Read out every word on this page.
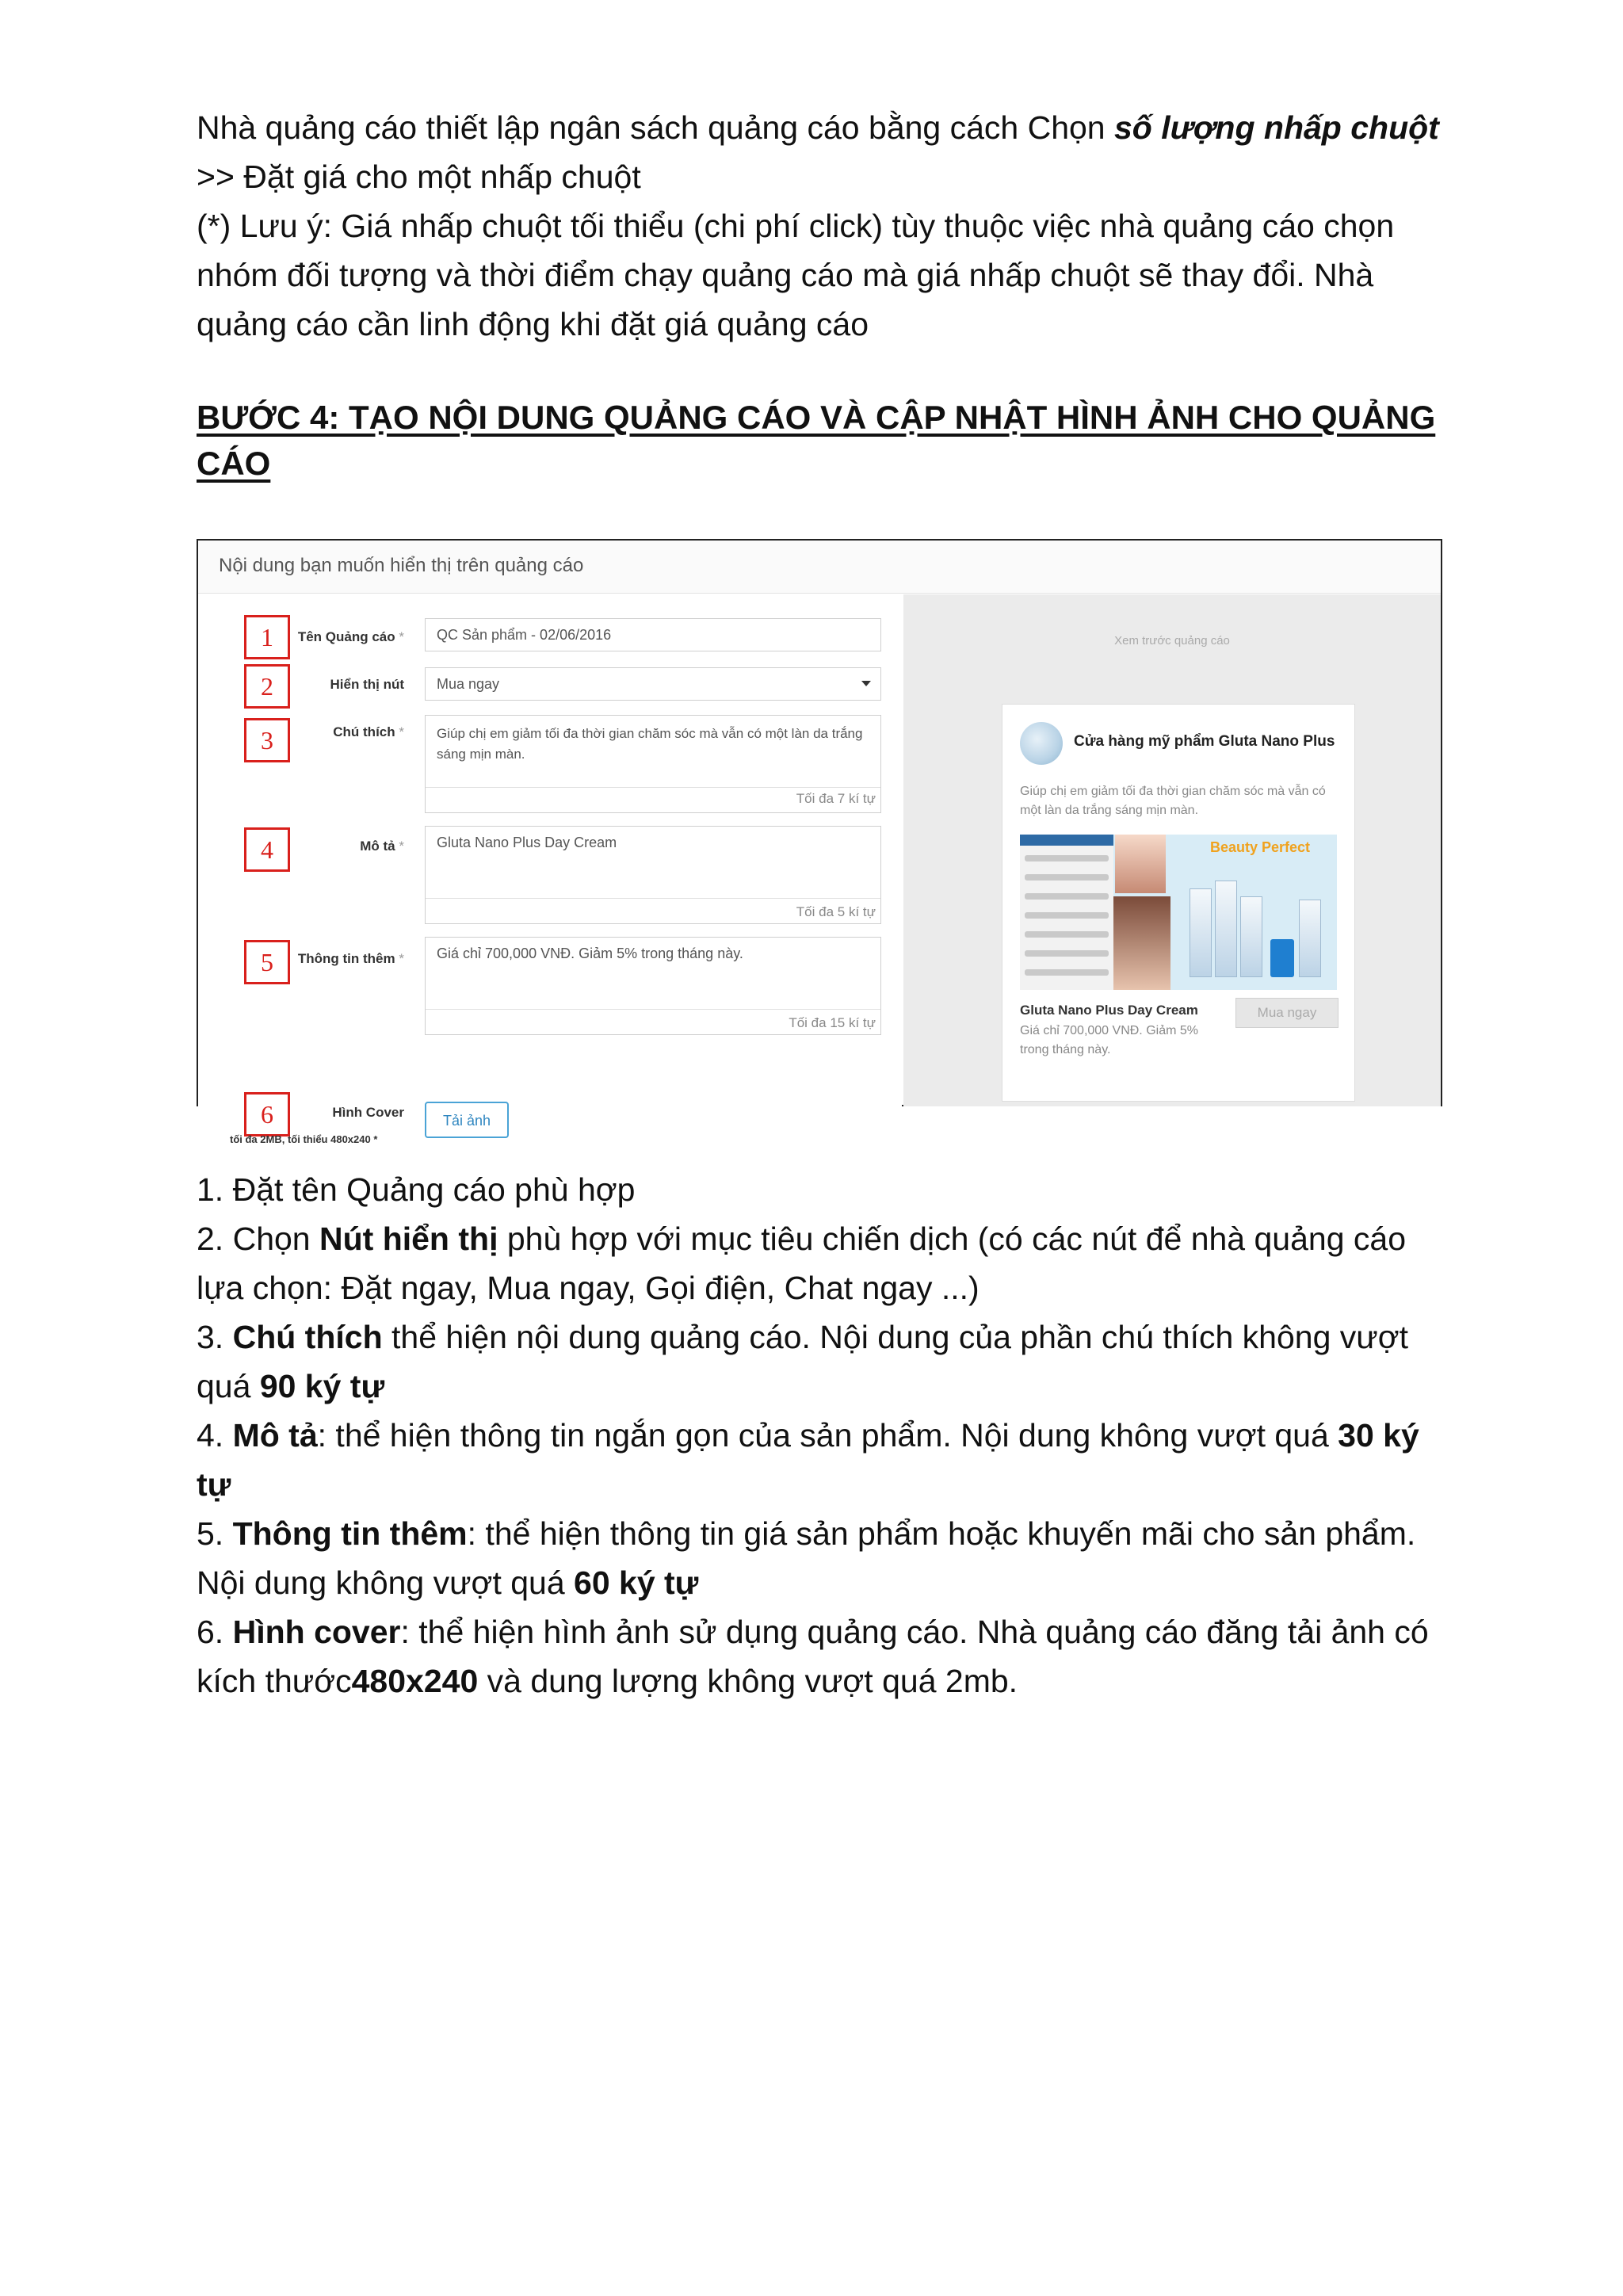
Nhà quảng cáo thiết lập ngân sách quảng cáo bằng cách Chọn số lượng nhấp chuột >> Đặt giá cho một nhấp chuột

(*) Lưu ý: Giá nhấp chuột tối thiểu (chi phí click) tùy thuộc việc nhà quảng cáo chọn nhóm đối tượng và thời điểm chạy quảng cáo mà giá nhấp chuột sẽ thay đổi. Nhà quảng cáo cần linh động khi đặt giá quảng cáo

BƯỚC 4: TẠO NỘI DUNG QUẢNG CÁO VÀ CẬP NHẬT HÌNH ẢNH CHO QUẢNG CÁO
Nội dung bạn muốn hiển thị trên quảng cáo
1	Tên Quảng cáo *	QC Sản phẩm - 02/06/2016
2	Hiển thị nút	Mua ngay
3	Chú thích *	Giúp chị em giảm tối đa thời gian chăm sóc mà vẫn có một làn da trắng sáng mịn màn.
Tối đa 7 kí tự
4	Mô tả *	Gluta Nano Plus Day Cream
Tối đa 5 kí tự
5	Thông tin thêm *	Giá chỉ 700,000 VNĐ. Giảm 5% trong tháng này.
Tối đa 15 kí tự
6	Hình Cover
tối đa 2MB, tối thiểu 480x240 *
Tải ảnh
Xem trước quảng cáo
Cửa hàng mỹ phẩm Gluta Nano Plus
Giúp chị em giảm tối đa thời gian chăm sóc mà vẫn có một làn da trắng sáng mịn màn.
Beauty Perfect
Gluta Nano Plus Day Cream
Giá chỉ 700,000 VNĐ. Giảm 5% trong tháng này.
Mua ngay

1. Đặt tên Quảng cáo phù hợp

2. Chọn Nút hiển thị phù hợp với mục tiêu chiến dịch (có các nút để nhà quảng cáo lựa chọn: Đặt ngay, Mua ngay, Gọi điện, Chat ngay ...)

3. Chú thích thể hiện nội dung quảng cáo. Nội dung của phần chú thích không vượt quá 90 ký tự

4. Mô tả: thể hiện thông tin ngắn gọn của sản phẩm. Nội dung không vượt quá 30 ký tự

5. Thông tin thêm: thể hiện thông tin giá sản phẩm hoặc khuyến mãi cho sản phẩm. Nội dung không vượt quá 60 ký tự

6. Hình cover: thể hiện hình ảnh sử dụng quảng cáo. Nhà quảng cáo đăng tải ảnh có kích thước480x240 và dung lượng không vượt quá 2mb.
